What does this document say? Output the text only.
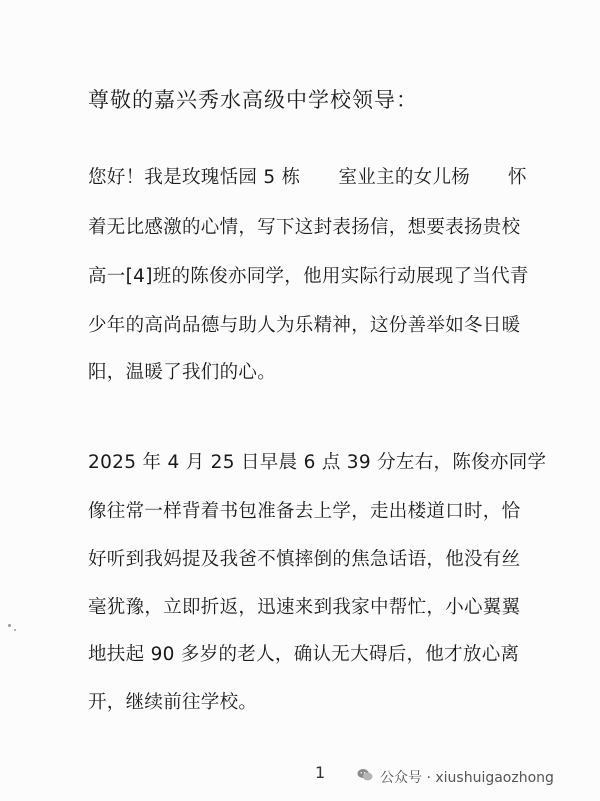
尊敬的嘉兴秀水高级中学校领导：

您好！我是玫瑰恬园 5 栋 室业主的女儿杨 怀

着无比感激的心情，写下这封表扬信，想要表扬贵校

高一[4]班的陈俊亦同学，他用实际行动展现了当代青

少年的高尚品德与助人为乐精神，这份善举如冬日暖

阳，温暖了我们的心。

2025 年 4 月 25 日早晨 6 点 39 分左右，陈俊亦同学

像往常一样背着书包准备去上学，走出楼道口时，恰

好听到我妈提及我爸不慎摔倒的焦急话语，他没有丝

毫犹豫，立即折返，迅速来到我家中帮忙，小心翼翼

地扶起 90 多岁的老人，确认无大碍后，他才放心离

开，继续前往学校。

1	公众号 · xiushuigaozhong
